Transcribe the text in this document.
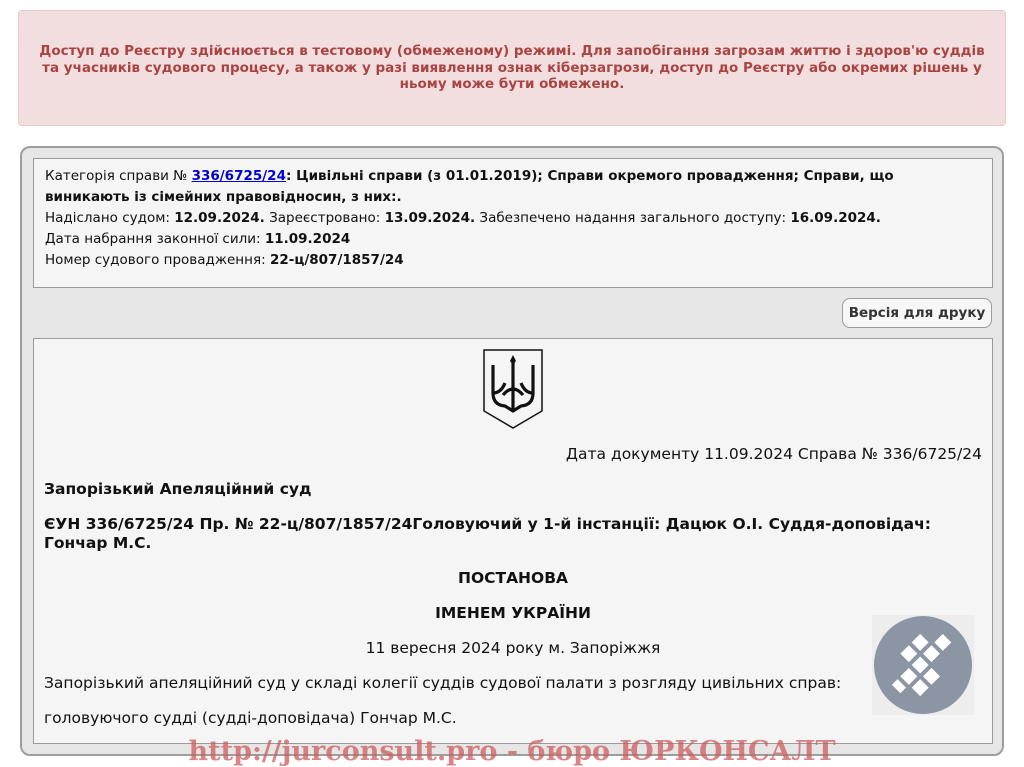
Доступ до Реєстру здійснюється в тестовому (обмеженому) режимі. Для запобігання загрозам життю і здоров'ю суддів та учасників судового процесу, а також у разі виявлення ознак кіберзагрози, доступ до Реєстру або окремих рішень у ньому може бути обмежено.
Категорія справи № 336/6725/24: Цивільні справи (з 01.01.2019); Справи окремого провадження; Справи, що виникають із сімейних правовідносин, з них:.
Надіслано судом: 12.09.2024. Зареєстровано: 13.09.2024. Забезпечено надання загального доступу: 16.09.2024.
Дата набрання законної сили: 11.09.2024
Номер судового провадження: 22-ц/807/1857/24
Версія для друку
Дата документу 11.09.2024 Справа № 336/6725/24
Запорізький Апеляційний суд
ЄУН 336/6725/24 Пр. № 22-ц/807/1857/24Головуючий у 1-й інстанції: Дацюк О.І. Суддя-доповідач: Гончар М.С.
ПОСТАНОВА
ІМЕНЕМ УКРАЇНИ
11 вересня 2024 року м. Запоріжжя
Запорізький апеляційний суд у складі колегії суддів судової палати з розгляду цивільних справ:
головуючого судді (судді-доповідача) Гончар М.С.
http://jurconsult.pro - бюро ЮРКОНСАЛТ
